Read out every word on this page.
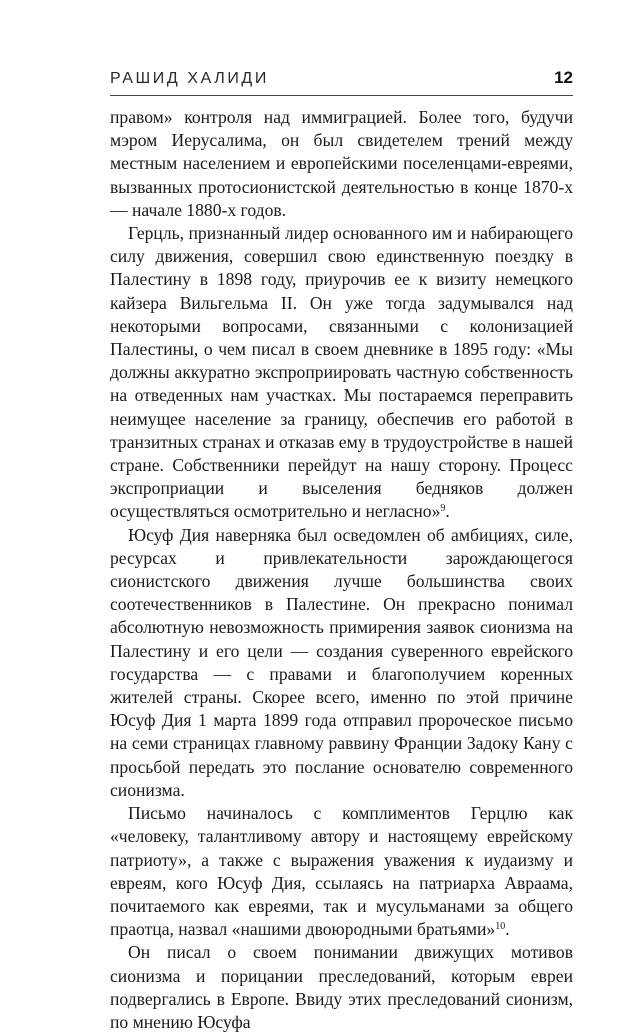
РАШИД ХАЛИДИ	12

правом» контроля над иммиграцией. Более того, будучи мэром Иерусалима, он был свидетелем трений между местным населением и европейскими поселенцами-евреями, вызванных протосионистской деятельностью в конце 1870-х — начале 1880-х годов.

Герцль, признанный лидер основанного им и набирающего силу движения, совершил свою единственную поездку в Палестину в 1898 году, приурочив ее к визиту немецкого кайзера Вильгельма II. Он уже тогда задумывался над некоторыми вопросами, связанными с колонизацией Палестины, о чем писал в своем дневнике в 1895 году: «Мы должны аккуратно экспроприировать частную собственность на отведенных нам участках. Мы постараемся переправить неимущее население за границу, обеспечив его работой в транзитных странах и отказав ему в трудоустройстве в нашей стране. Собственники перейдут на нашу сторону. Процесс экспроприации и выселения бедняков должен осуществляться осмотрительно и негласно»$^9$.

Юсуф Дия наверняка был осведомлен об амбициях, силе, ресурсах и привлекательности зарождающегося сионистского движения лучше большинства своих соотечественников в Палестине. Он прекрасно понимал абсолютную невозможность примирения заявок сионизма на Палестину и его цели — создания суверенного еврейского государства — с правами и благополучием коренных жителей страны. Скорее всего, именно по этой причине Юсуф Дия 1 марта 1899 года отправил пророческое письмо на семи страницах главному раввину Франции Задоку Кану с просьбой передать это послание основателю современного сионизма.

Письмо начиналось с комплиментов Герцлю как «человеку, талантливому автору и настоящему еврейскому патриоту», а также с выражения уважения к иудаизму и евреям, кого Юсуф Дия, ссылаясь на патриарха Авраама, почитаемого как евреями, так и мусульманами за общего праотца, назвал «нашими двоюродными братьями»$^{10}$.

Он писал о своем понимании движущих мотивов сионизма и порицании преследований, которым евреи подвергались в Европе. Ввиду этих преследований сионизм, по мнению Юсуфа
